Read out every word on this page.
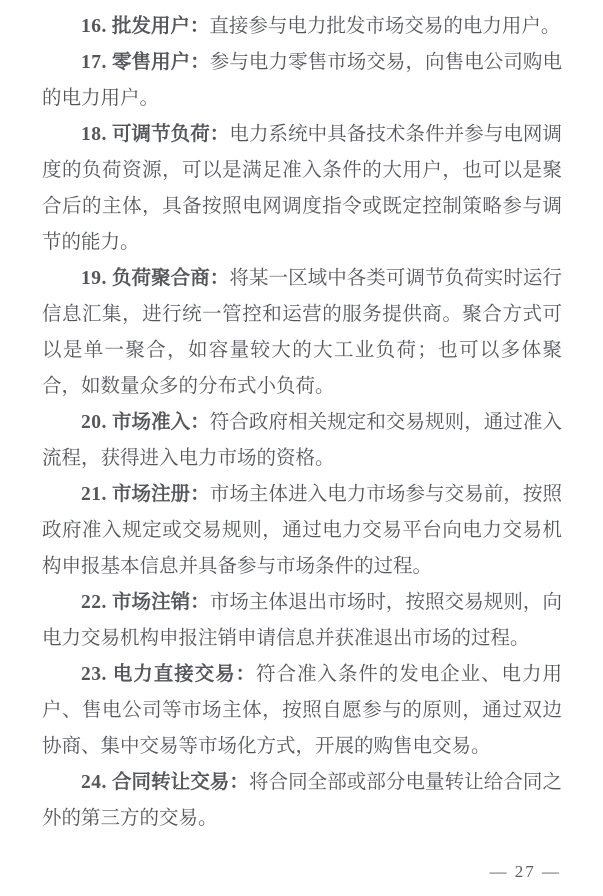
16. 批发用户：直接参与电力批发市场交易的电力用户。

17. 零售用户：参与电力零售市场交易，向售电公司购电的电力用户。

18. 可调节负荷：电力系统中具备技术条件并参与电网调度的负荷资源，可以是满足准入条件的大用户，也可以是聚合后的主体，具备按照电网调度指令或既定控制策略参与调节的能力。

19. 负荷聚合商：将某一区域中各类可调节负荷实时运行信息汇集，进行统一管控和运营的服务提供商。聚合方式可以是单一聚合，如容量较大的大工业负荷；也可以多体聚合，如数量众多的分布式小负荷。

20. 市场准入：符合政府相关规定和交易规则，通过准入流程，获得进入电力市场的资格。

21. 市场注册：市场主体进入电力市场参与交易前，按照政府准入规定或交易规则，通过电力交易平台向电力交易机构申报基本信息并具备参与市场条件的过程。

22. 市场注销：市场主体退出市场时，按照交易规则，向电力交易机构申报注销申请信息并获准退出市场的过程。

23. 电力直接交易：符合准入条件的发电企业、电力用户、售电公司等市场主体，按照自愿参与的原则，通过双边协商、集中交易等市场化方式，开展的购售电交易。

24. 合同转让交易：将合同全部或部分电量转让给合同之外的第三方的交易。

— 27 —
